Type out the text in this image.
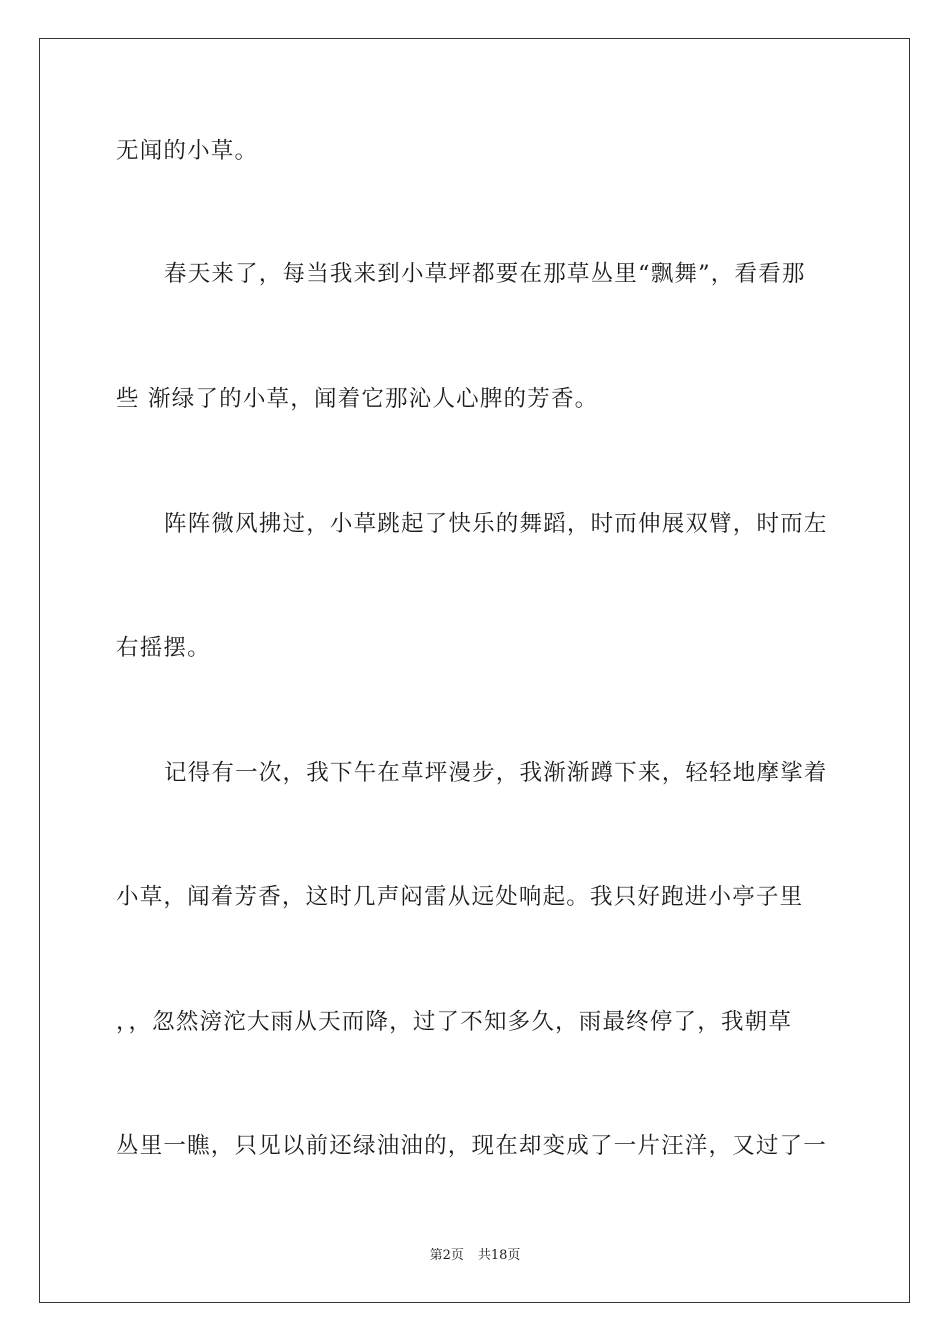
无闻的小草。
春天来了，每当我来到小草坪都要在那草丛里“飘舞”，看看那
些 渐绿了的小草，闻着它那沁人心脾的芳香。
阵阵微风拂过，小草跳起了快乐的舞蹈，时而伸展双臂，时而左
右摇摆。
记得有一次，我下午在草坪漫步，我渐渐蹲下来，轻轻地摩挲着
小草，闻着芳香，这时几声闷雷从远处响起。我只好跑进小亭子里
，，忽然滂沱大雨从天而降，过了不知多久，雨最终停了，我朝草
丛里一瞧，只见以前还绿油油的，现在却变成了一片汪洋，又过了一
第2页 共18页
